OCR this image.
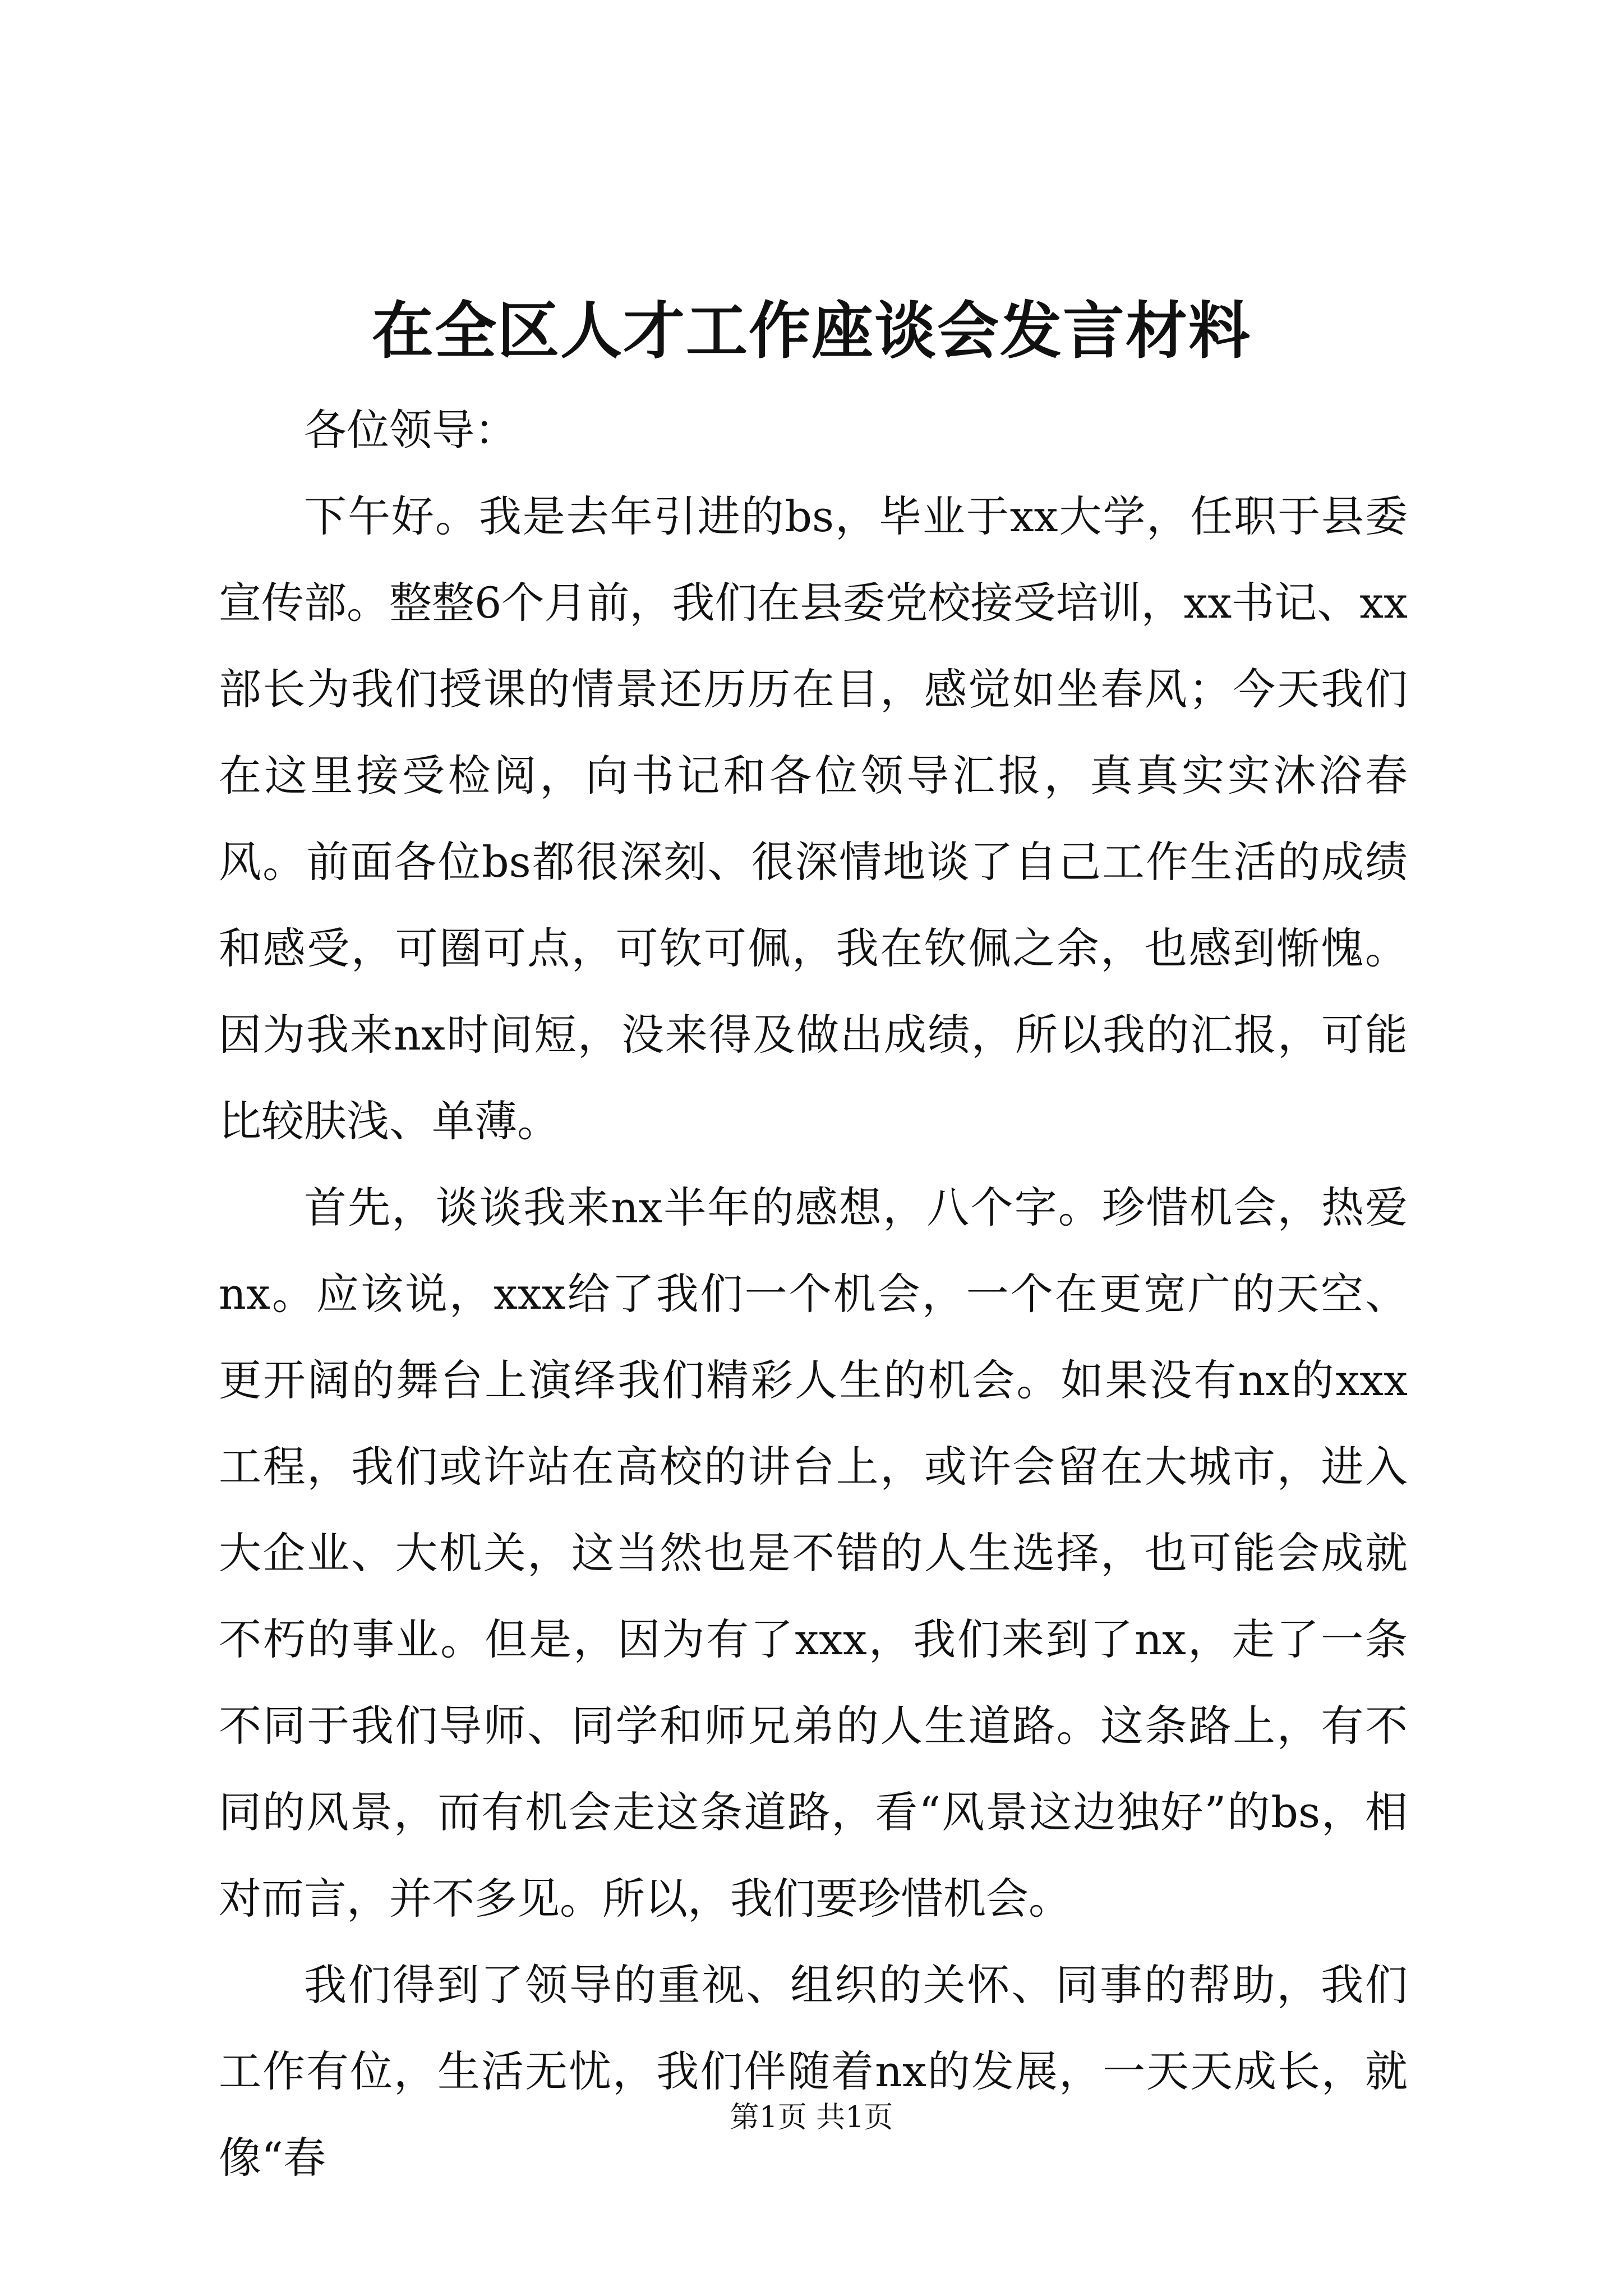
在全区人才工作座谈会发言材料

各位领导：

下午好。我是去年引进的bs，毕业于xx大学，任职于县委宣传部。整整6个月前，我们在县委党校接受培训，xx书记、xx部长为我们授课的情景还历历在目，感觉如坐春风；今天我们在这里接受检阅，向书记和各位领导汇报，真真实实沐浴春风。前面各位bs都很深刻、很深情地谈了自己工作生活的成绩和感受，可圈可点，可钦可佩，我在钦佩之余，也感到惭愧。因为我来nx时间短，没来得及做出成绩，所以我的汇报，可能比较肤浅、单薄。

首先，谈谈我来nx半年的感想，八个字。珍惜机会，热爱nx。应该说，xxx给了我们一个机会，一个在更宽广的天空、更开阔的舞台上演绎我们精彩人生的机会。如果没有nx的xxx工程，我们或许站在高校的讲台上，或许会留在大城市，进入大企业、大机关，这当然也是不错的人生选择，也可能会成就不朽的事业。但是，因为有了xxx，我们来到了nx，走了一条不同于我们导师、同学和师兄弟的人生道路。这条路上，有不同的风景，而有机会走这条道路，看“风景这边独好”的bs，相对而言，并不多见。所以，我们要珍惜机会。

我们得到了领导的重视、组织的关怀、同事的帮助，我们工作有位，生活无忧，我们伴随着nx的发展，一天天成长，就像“春

第1页 共1页
